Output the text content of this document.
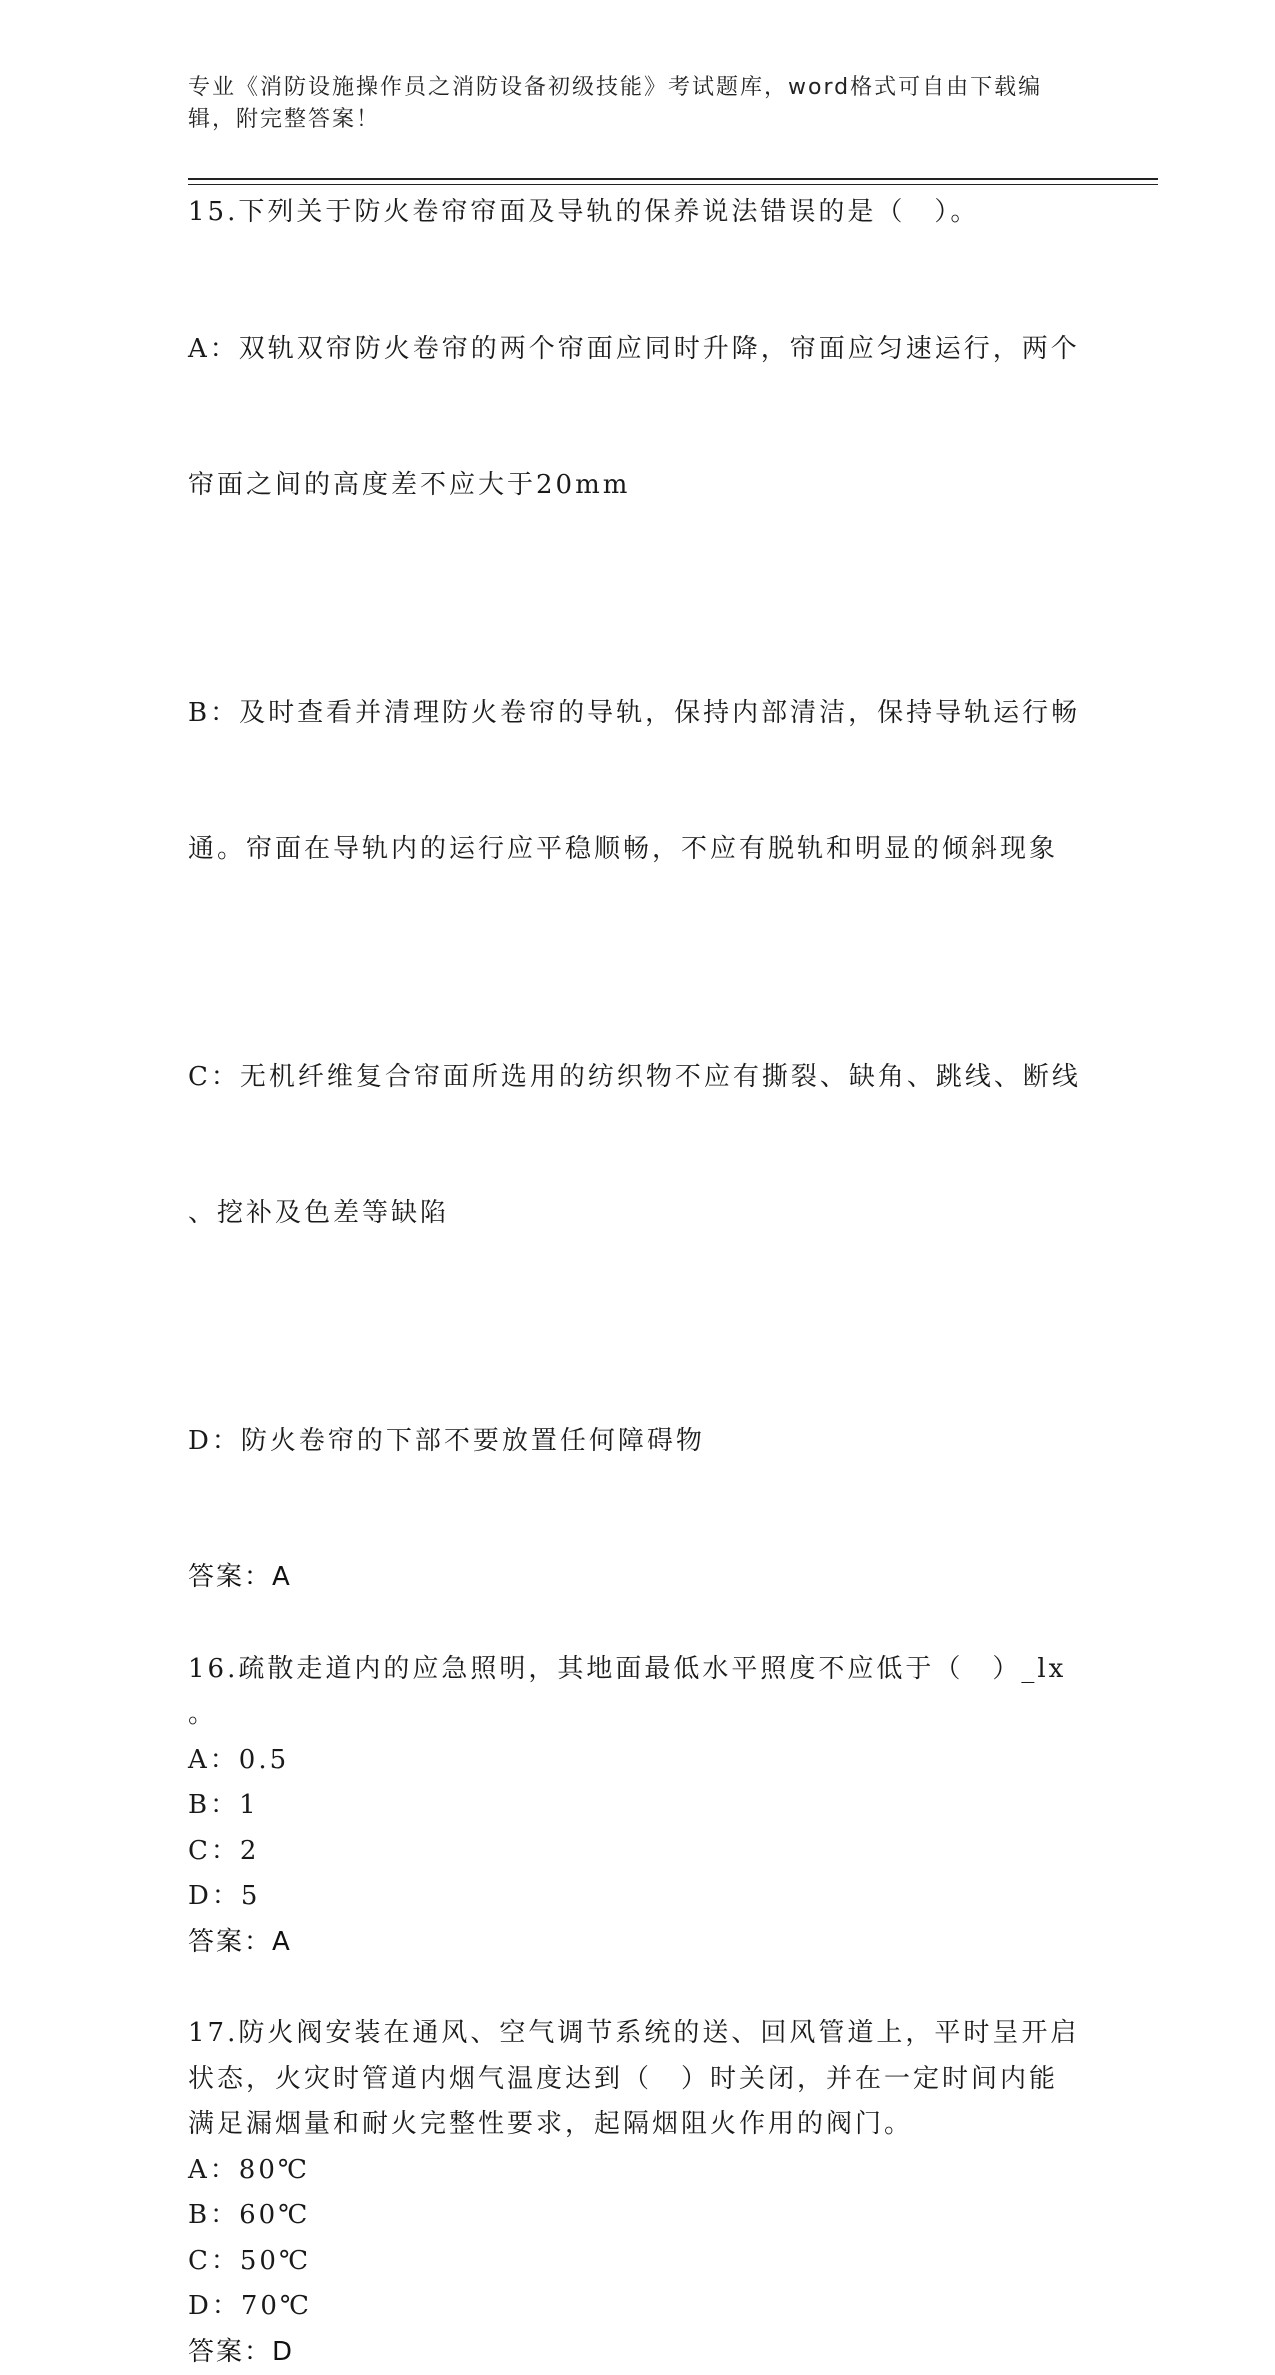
专业《消防设施操作员之消防设备初级技能》考试题库，word格式可自由下载编
辑，附完整答案！
15.下列关于防火卷帘帘面及导轨的保养说法错误的是（　）。

A：双轨双帘防火卷帘的两个帘面应同时升降，帘面应匀速运行，两个

帘面之间的高度差不应大于20mm

B：及时查看并清理防火卷帘的导轨，保持内部清洁，保持导轨运行畅

通。帘面在导轨内的运行应平稳顺畅，不应有脱轨和明显的倾斜现象

C：无机纤维复合帘面所选用的纺织物不应有撕裂、缺角、跳线、断线

、挖补及色差等缺陷

D：防火卷帘的下部不要放置任何障碍物

答案：A
16.疏散走道内的应急照明，其地面最低水平照度不应低于（　）_lx
。
A：0.5
B：1
C：2
D：5
答案：A
17.防火阀安装在通风、空气调节系统的送、回风管道上，平时呈开启
状态，火灾时管道内烟气温度达到（　）时关闭，并在一定时间内能
满足漏烟量和耐火完整性要求，起隔烟阻火作用的阀门。
A：80℃
B：60℃
C：50℃
D：70℃
答案：D
